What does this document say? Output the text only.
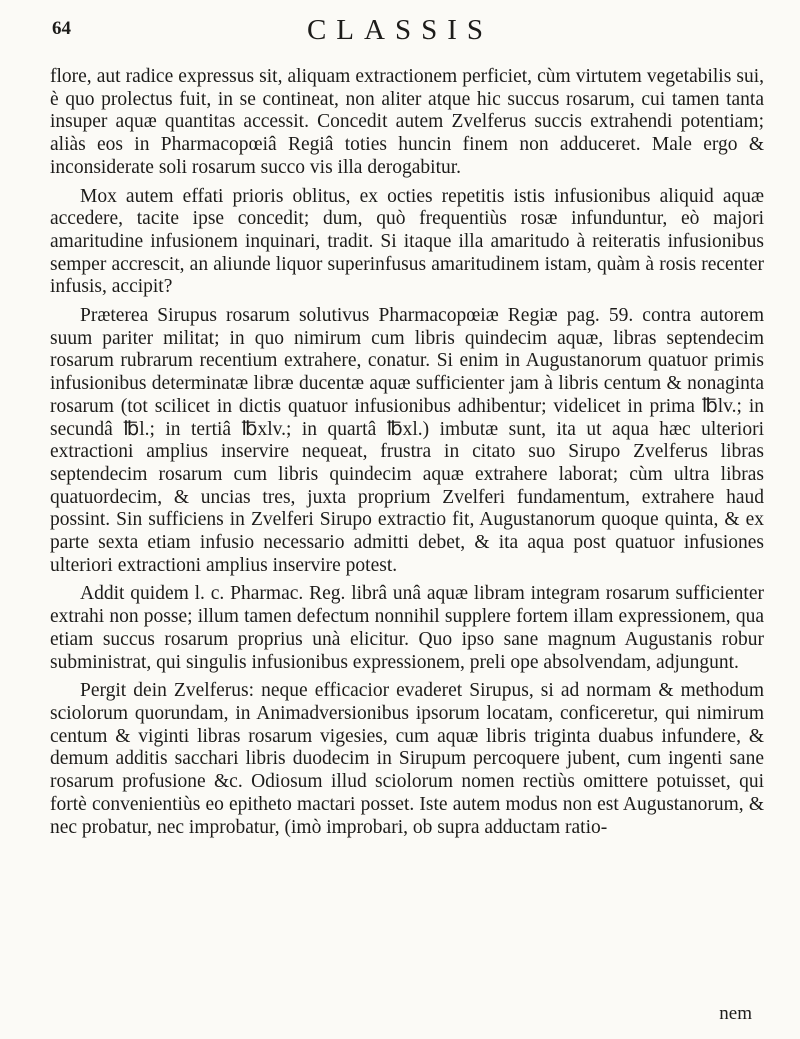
64	CLASSIS

flore, aut radice expressus sit, aliquam extractionem perficiet, cùm virtutem vegetabilis sui, è quo prolectus fuit, in se contineat, non aliter atque hic succus rosarum, cui tamen tanta insuper aquæ quantitas accessit. Concedit autem Zvelferus succis extrahendi potentiam; aliàs eos in Pharmacopœiâ Regiâ toties huncin finem non adduceret. Male ergo & inconsiderate soli rosarum succo vis illa derogabitur.

Mox autem effati prioris oblitus, ex octies repetitis istis infusionibus aliquid aquæ accedere, tacite ipse concedit; dum, quò frequentiùs rosæ infunduntur, eò majori amaritudine infusionem inquinari, tradit. Si itaque illa amaritudo à reiteratis infusionibus semper accrescit, an aliunde liquor superinfusus amaritudinem istam, quàm à rosis recenter infusis, accipit?

Præterea Sirupus rosarum solutivus Pharmacopœiæ Regiæ pag. 59. contra autorem suum pariter militat; in quo nimirum cum libris quindecim aquæ, libras septendecim rosarum rubrarum recentium extrahere, conatur. Si enim in Augustanorum quatuor primis infusionibus determinatæ libræ ducentæ aquæ sufficienter jam à libris centum & nonaginta rosarum (tot scilicet in dictis quatuor infusionibus adhibentur; videlicet in prima ℔lv.; in secundâ ℔l.; in tertiâ ℔xlv.; in quartâ ℔xl.) imbutæ sunt, ita ut aqua hæc ulteriori extractioni amplius inservire nequeat, frustra in citato suo Sirupo Zvelferus libras septendecim rosarum cum libris quindecim aquæ extrahere laborat; cùm ultra libras quatuordecim, & uncias tres, juxta proprium Zvelferi fundamentum, extrahere haud possint. Sin sufficiens in Zvelferi Sirupo extractio fit, Augustanorum quoque quinta, & ex parte sexta etiam infusio necessario admitti debet, & ita aqua post quatuor infusiones ulteriori extractioni amplius inservire potest.

Addit quidem l. c. Pharmac. Reg. librâ unâ aquæ libram integram rosarum sufficienter extrahi non posse; illum tamen defectum nonnihil supplere fortem illam expressionem, qua etiam succus rosarum proprius unà elicitur. Quo ipso sane magnum Augustanis robur subministrat, qui singulis infusionibus expressionem, preli ope absolvendam, adjungunt.

Pergit dein Zvelferus: neque efficacior evaderet Sirupus, si ad normam & methodum sciolorum quorundam, in Animadversionibus ipsorum locatam, conficeretur, qui nimirum centum & viginti libras rosarum vigesies, cum aquæ libris triginta duabus infundere, & demum additis sacchari libris duodecim in Sirupum percoquere jubent, cum ingenti sane rosarum profusione &c. Odiosum illud sciolorum nomen rectiùs omittere potuisset, qui fortè convenientiùs eo epitheto mactari posset. Iste autem modus non est Augustanorum, & nec probatur, nec improbatur, (imò improbari, ob supra adductam ratio-

nem
